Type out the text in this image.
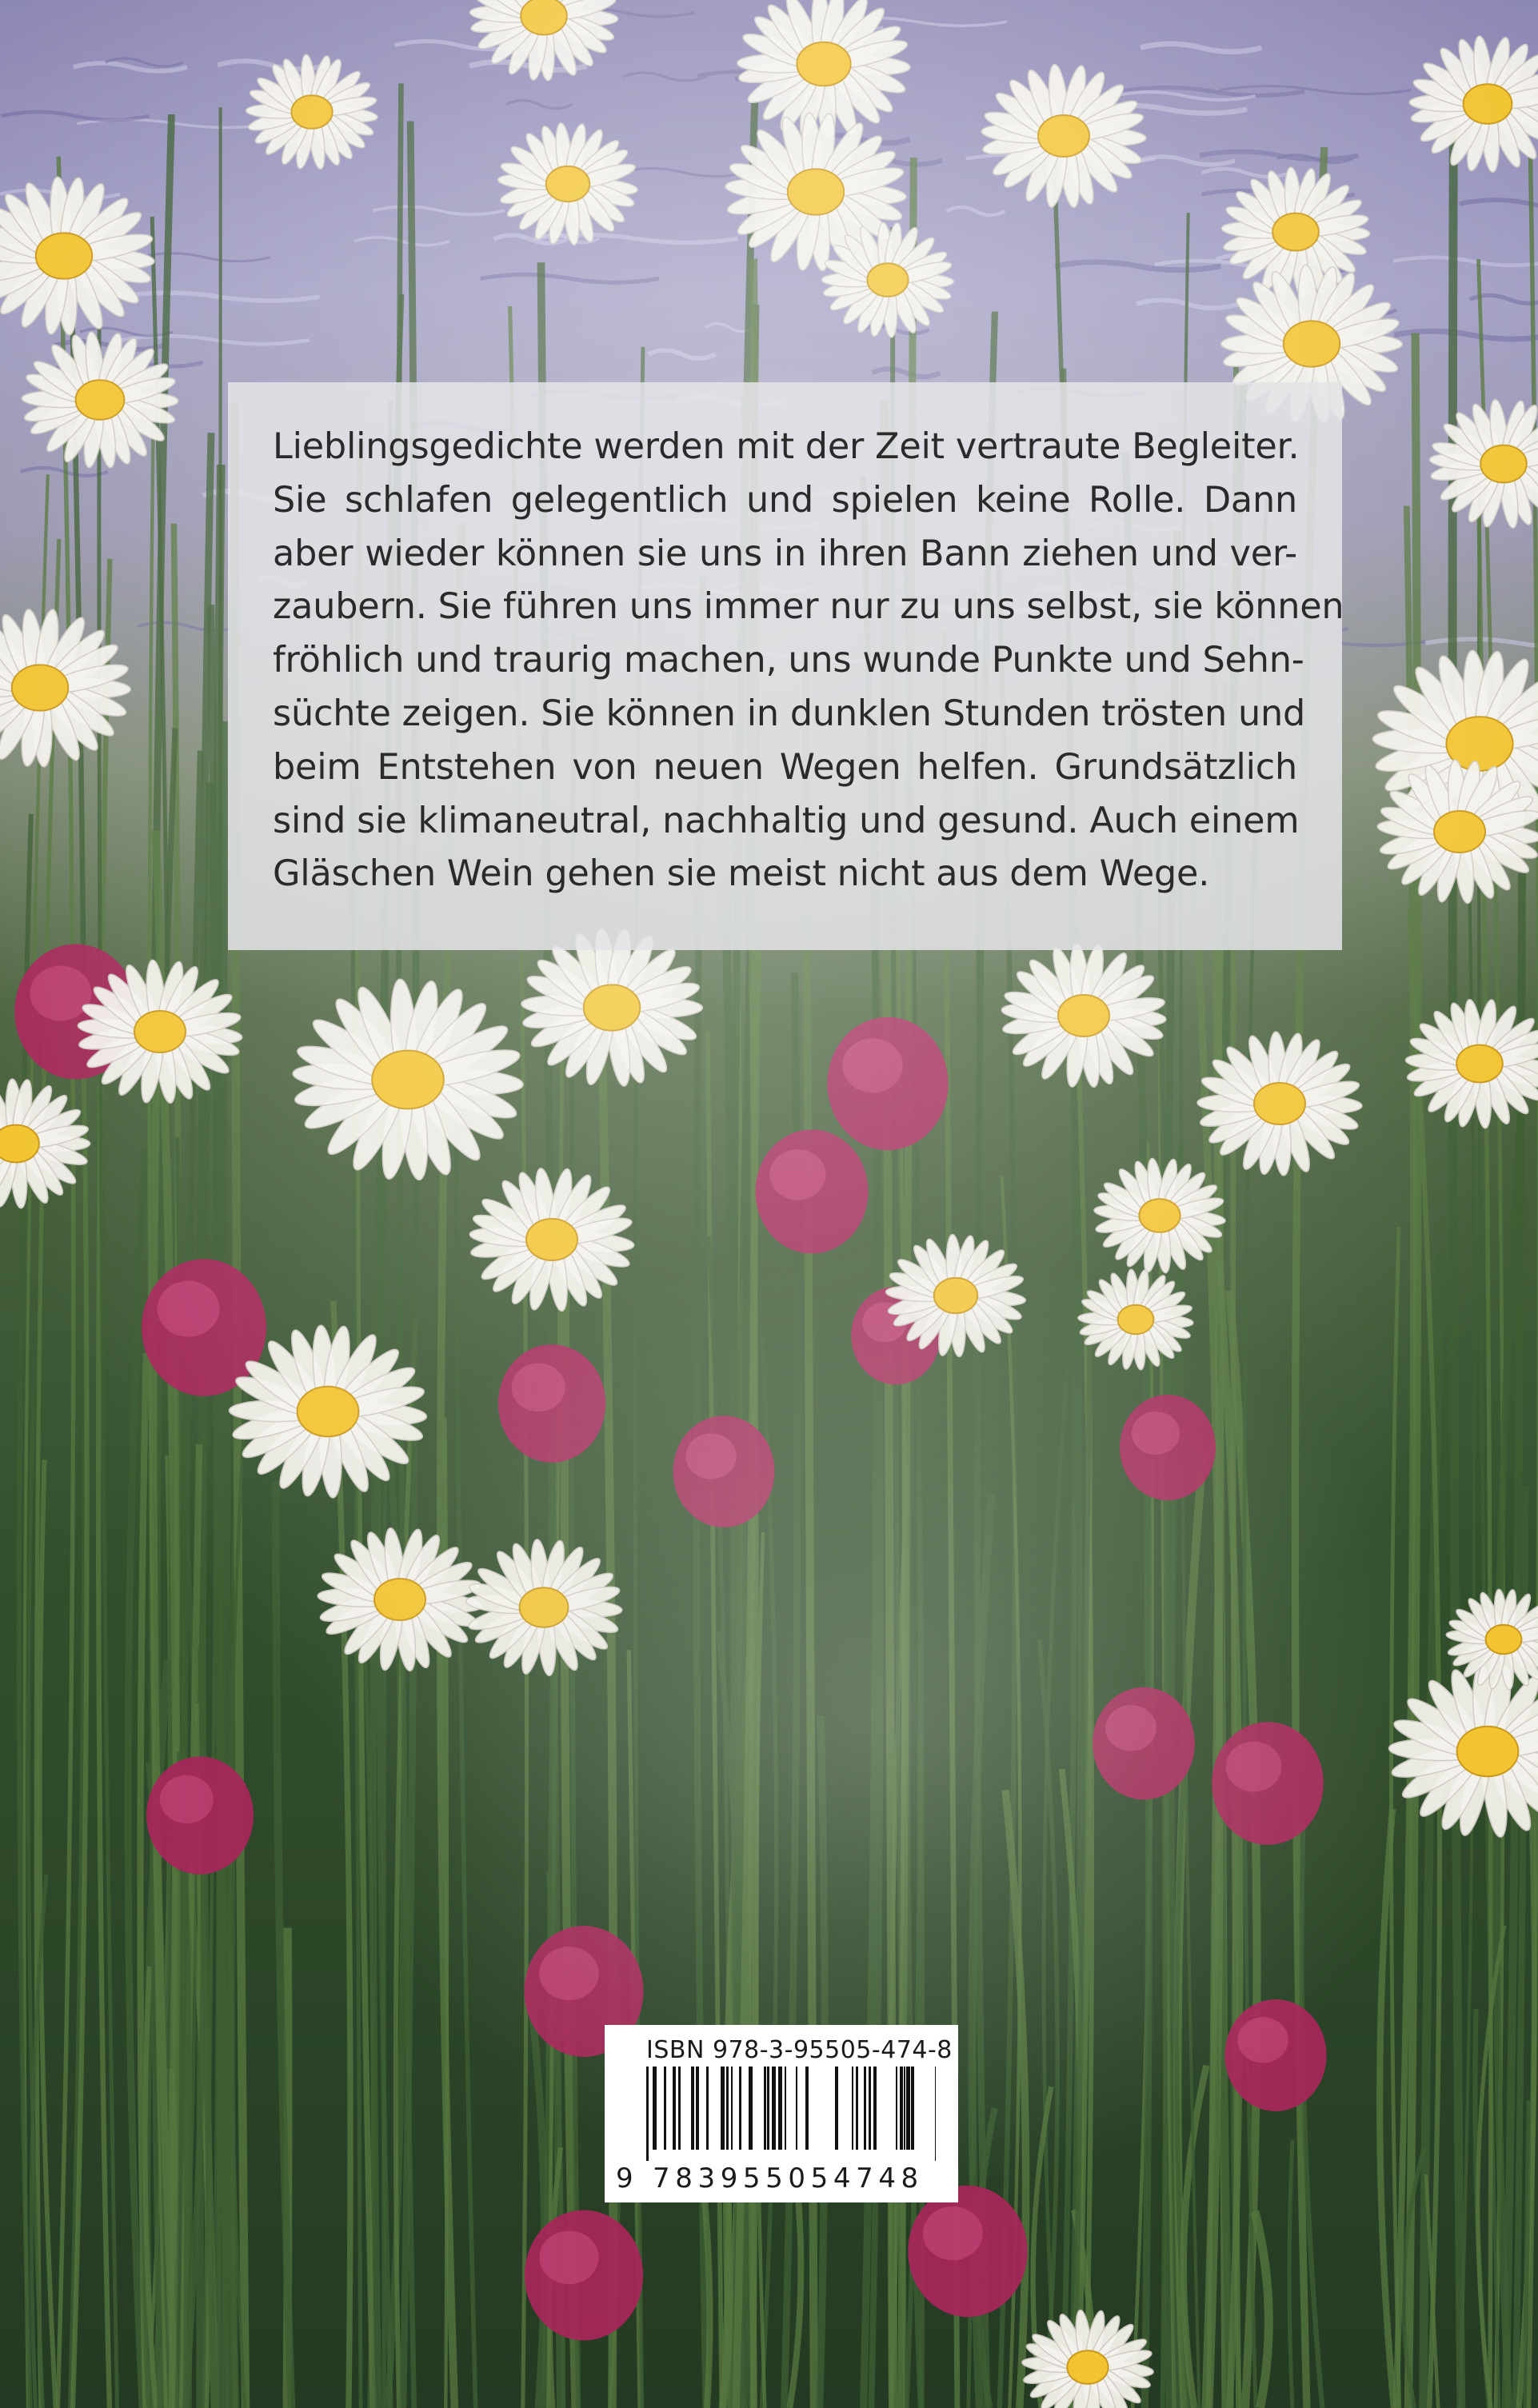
Lieblingsgedichte werden mit der Zeit vertraute Begleiter.
Sie schlafen gelegentlich und spielen keine Rolle. Dann
aber wieder können sie uns in ihren Bann ziehen und ver-
zaubern. Sie führen uns immer nur zu uns selbst, sie können
fröhlich und traurig machen, uns wunde Punkte und Sehn-
süchte zeigen. Sie können in dunklen Stunden trösten und
beim Entstehen von neuen Wegen helfen. Grundsätzlich
sind sie klimaneutral, nachhaltig und gesund. Auch einem
Gläschen Wein gehen sie meist nicht aus dem Wege.
ISBN 978-3-95505-474-8
9 783955054748
